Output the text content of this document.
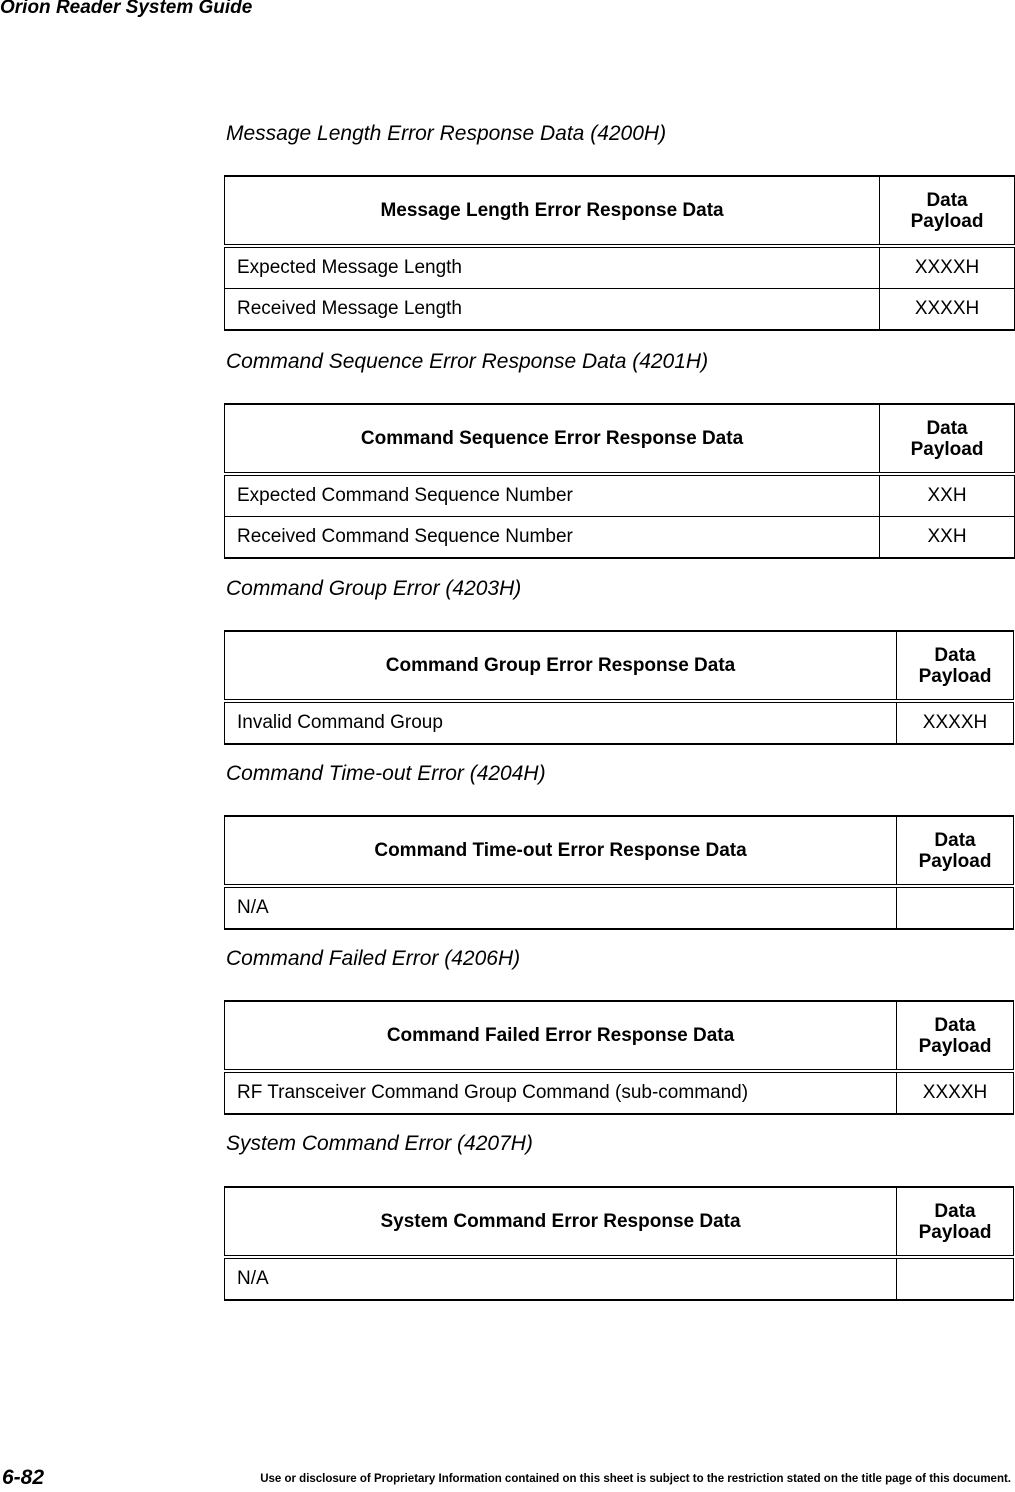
Orion Reader System Guide
Message Length Error Response Data (4200H)
Message Length Error Response Data	Data Payload
Expected Message Length	XXXXH
Received Message Length	XXXXH
Command Sequence Error Response Data (4201H)
Command Sequence Error Response Data	Data Payload
Expected Command Sequence Number	XXH
Received Command Sequence Number	XXH
Command Group Error (4203H)
Command Group Error Response Data	Data Payload
Invalid Command Group	XXXXH
Command Time-out Error (4204H)
Command Time-out Error Response Data	Data Payload
N/A	
Command Failed Error (4206H)
Command Failed Error Response Data	Data Payload
RF Transceiver Command Group Command (sub-command)	XXXXH
System Command Error (4207H)
System Command Error Response Data	Data Payload
N/A	
6-82	Use or disclosure of Proprietary Information contained on this sheet is subject to the restriction stated on the title page of this document.
